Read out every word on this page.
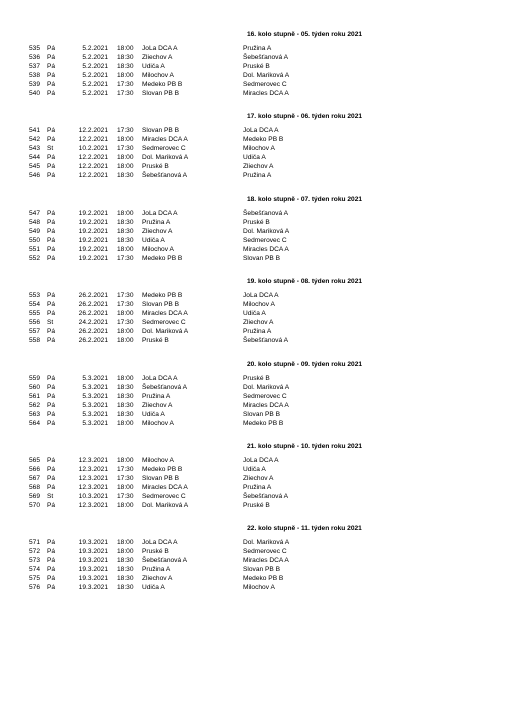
16. kolo stupně - 05. týden roku 2021
535 Pá	5.2.2021 18:00 JoLa DCA A	Pružina A
536 Pá	5.2.2021 18:30 Zliechov A	Šebešťanová A
537 Pá	5.2.2021 18:30 Udiča A	Pruské B
538 Pá	5.2.2021 18:00 Milochov A	Dol. Mariková A
539 Pá	5.2.2021 17:30 Medeko PB B	Sedmerovec C
540 Pá	5.2.2021 17:30 Slovan PB B	Miracles DCA A
17. kolo stupně - 06. týden roku 2021
541 Pá	12.2.2021 17:30 Slovan PB B	JoLa DCA A
542 Pá	12.2.2021 18:00 Miracles DCA A	Medeko PB B
543 St	10.2.2021 17:30 Sedmerovec C	Milochov A
544 Pá	12.2.2021 18:00 Dol. Mariková A	Udiča A
545 Pá	12.2.2021 18:00 Pruské B	Zliechov A
546 Pá	12.2.2021 18:30 Šebešťanová A	Pružina A
18. kolo stupně - 07. týden roku 2021
547 Pá	19.2.2021 18:00 JoLa DCA A	Šebešťanová A
548 Pá	19.2.2021 18:30 Pružina A	Pruské B
549 Pá	19.2.2021 18:30 Zliechov A	Dol. Mariková A
550 Pá	19.2.2021 18:30 Udiča A	Sedmerovec C
551 Pá	19.2.2021 18:00 Milochov A	Miracles DCA A
552 Pá	19.2.2021 17:30 Medeko PB B	Slovan PB B
19. kolo stupně - 08. týden roku 2021
553 Pá	26.2.2021 17:30 Medeko PB B	JoLa DCA A
554 Pá	26.2.2021 17:30 Slovan PB B	Milochov A
555 Pá	26.2.2021 18:00 Miracles DCA A	Udiča A
556 St	24.2.2021 17:30 Sedmerovec C	Zliechov A
557 Pá	26.2.2021 18:00 Dol. Mariková A	Pružina A
558 Pá	26.2.2021 18:00 Pruské B	Šebešťanová A
20. kolo stupně - 09. týden roku 2021
559 Pá	5.3.2021 18:00 JoLa DCA A	Pruské B
560 Pá	5.3.2021 18:30 Šebešťanová A	Dol. Mariková A
561 Pá	5.3.2021 18:30 Pružina A	Sedmerovec C
562 Pá	5.3.2021 18:30 Zliechov A	Miracles DCA A
563 Pá	5.3.2021 18:30 Udiča A	Slovan PB B
564 Pá	5.3.2021 18:00 Milochov A	Medeko PB B
21. kolo stupně - 10. týden roku 2021
565 Pá	12.3.2021 18:00 Milochov A	JoLa DCA A
566 Pá	12.3.2021 17:30 Medeko PB B	Udiča A
567 Pá	12.3.2021 17:30 Slovan PB B	Zliechov A
568 Pá	12.3.2021 18:00 Miracles DCA A	Pružina A
569 St	10.3.2021 17:30 Sedmerovec C	Šebešťanová A
570 Pá	12.3.2021 18:00 Dol. Mariková A	Pruské B
22. kolo stupně - 11. týden roku 2021
571 Pá	19.3.2021 18:00 JoLa DCA A	Dol. Mariková A
572 Pá	19.3.2021 18:00 Pruské B	Sedmerovec C
573 Pá	19.3.2021 18:30 Šebešťanová A	Miracles DCA A
574 Pá	19.3.2021 18:30 Pružina A	Slovan PB B
575 Pá	19.3.2021 18:30 Zliechov A	Medeko PB B
576 Pá	19.3.2021 18:30 Udiča A	Milochov A
